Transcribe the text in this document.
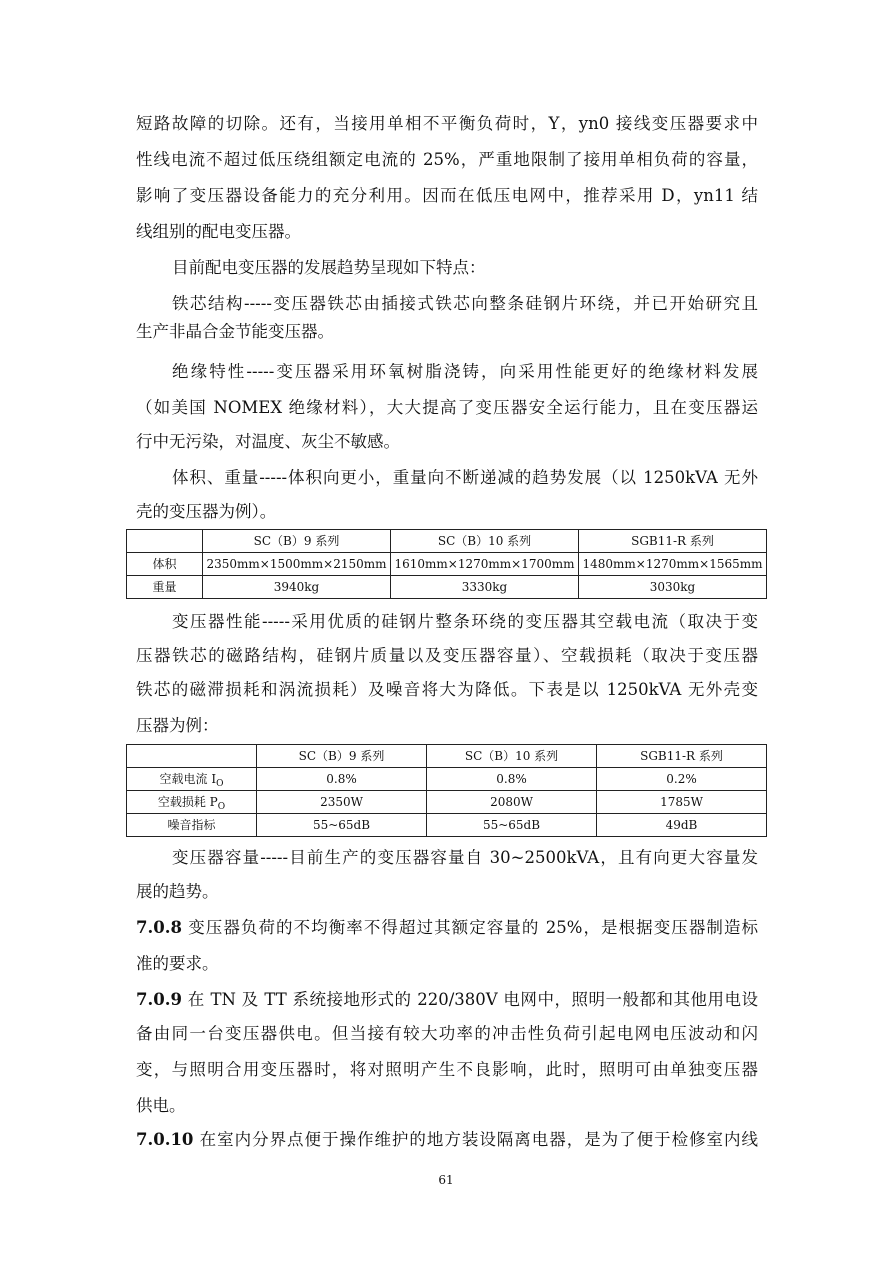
短路故障的切除。还有，当接用单相不平衡负荷时，Y，yn0 接线变压器要求中
性线电流不超过低压绕组额定电流的 25%，严重地限制了接用单相负荷的容量，
影响了变压器设备能力的充分利用。因而在低压电网中，推荐采用 D，yn11 结
线组别的配电变压器。
目前配电变压器的发展趋势呈现如下特点：
铁芯结构-----变压器铁芯由插接式铁芯向整条硅钢片环绕，并已开始研究且
生产非晶合金节能变压器。
绝缘特性-----变压器采用环氧树脂浇铸，向采用性能更好的绝缘材料发展
（如美国 NOMEX 绝缘材料），大大提高了变压器安全运行能力，且在变压器运
行中无污染，对温度、灰尘不敏感。
体积、重量-----体积向更小，重量向不断递减的趋势发展（以 1250kVA 无外
壳的变压器为例）。
	SC（B）9 系列	SC（B）10 系列	SGB11-R 系列
体积	2350mm×1500mm×2150mm	1610mm×1270mm×1700mm	1480mm×1270mm×1565mm
重量	3940kg	3330kg	3030kg
变压器性能-----采用优质的硅钢片整条环绕的变压器其空载电流（取决于变
压器铁芯的磁路结构，硅钢片质量以及变压器容量）、空载损耗（取决于变压器
铁芯的磁滞损耗和涡流损耗）及噪音将大为降低。下表是以 1250kVA 无外壳变
压器为例：
	SC（B）9 系列	SC（B）10 系列	SGB11-R 系列
空载电流 $I_O$	0.8%	0.8%	0.2%
空载损耗 $P_O$	2350W	2080W	1785W
噪音指标	55~65dB	55~65dB	49dB
变压器容量-----目前生产的变压器容量自 30~2500kVA，且有向更大容量发
展的趋势。
7.0.8 变压器负荷的不均衡率不得超过其额定容量的 25%，是根据变压器制造标
准的要求。
7.0.9 在 TN 及 TT 系统接地形式的 220/380V 电网中，照明一般都和其他用电设
备由同一台变压器供电。但当接有较大功率的冲击性负荷引起电网电压波动和闪
变，与照明合用变压器时，将对照明产生不良影响，此时，照明可由单独变压器
供电。
7.0.10 在室内分界点便于操作维护的地方装设隔离电器，是为了便于检修室内线
61
